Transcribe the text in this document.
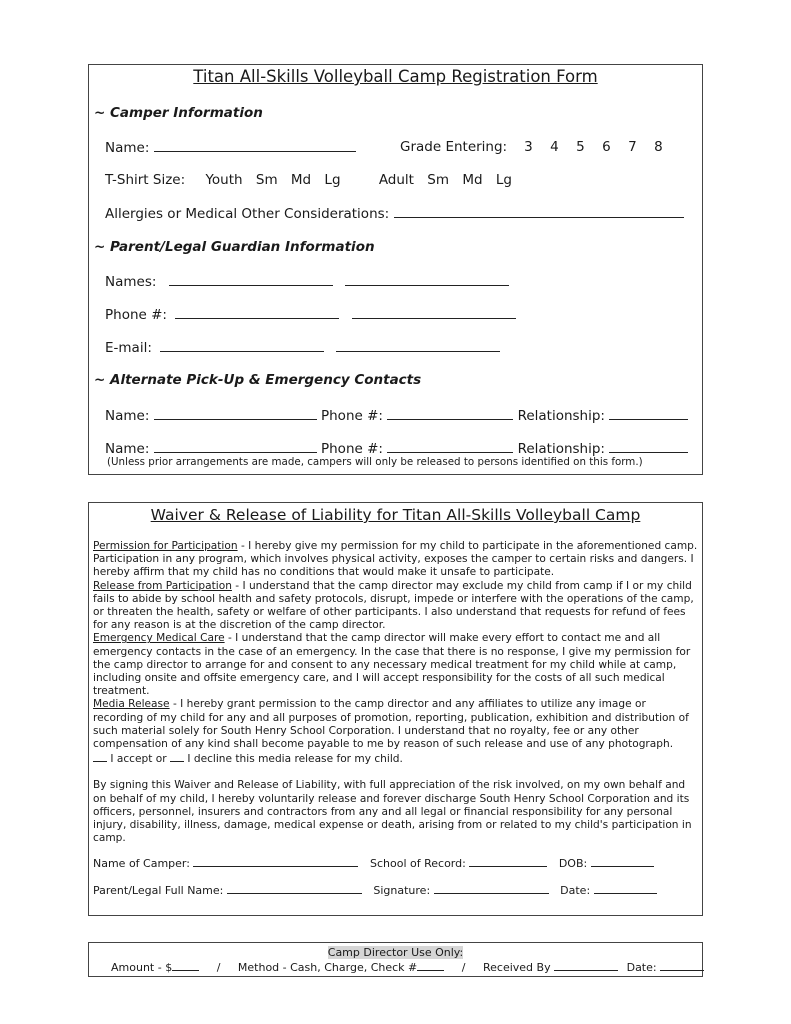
Titan All-Skills Volleyball Camp Registration Form
~ Camper Information
Name:	Grade Entering: 3 4 5 6 7 8
T-Shirt Size: Youth Sm Md Lg	Adult Sm Md Lg
Allergies or Medical Other Considerations:
~ Parent/Legal Guardian Information
Names:
Phone #:
E-mail:
~ Alternate Pick-Up & Emergency Contacts
Name:	Phone #:	Relationship:
Name:	Phone #:	Relationship:
(Unless prior arrangements are made, campers will only be released to persons identified on this form.)
Waiver & Release of Liability for Titan All-Skills Volleyball Camp

Permission for Participation - I hereby give my permission for my child to participate in the aforementioned camp. Participation in any program, which involves physical activity, exposes the camper to certain risks and dangers. I hereby affirm that my child has no conditions that would make it unsafe to participate.

Release from Participation - I understand that the camp director may exclude my child from camp if I or my child fails to abide by school health and safety protocols, disrupt, impede or interfere with the operations of the camp, or threaten the health, safety or welfare of other participants. I also understand that requests for refund of fees for any reason is at the discretion of the camp director.

Emergency Medical Care - I understand that the camp director will make every effort to contact me and all emergency contacts in the case of an emergency. In the case that there is no response, I give my permission for the camp director to arrange for and consent to any necessary medical treatment for my child while at camp, including onsite and offsite emergency care, and I will accept responsibility for the costs of all such medical treatment.

Media Release - I hereby grant permission to the camp director and any affiliates to utilize any image or recording of my child for any and all purposes of promotion, reporting, publication, exhibition and distribution of such material solely for South Henry School Corporation. I understand that no royalty, fee or any other compensation of any kind shall become payable to me by reason of such release and use of any photograph.

I accept or I decline this media release for my child.

By signing this Waiver and Release of Liability, with full appreciation of the risk involved, on my own behalf and on behalf of my child, I hereby voluntarily release and forever discharge South Henry School Corporation and its officers, personnel, insurers and contractors from any and all legal or financial responsibility for any personal injury, disability, illness, damage, medical expense or death, arising from or related to my child's participation in camp.

Name of Camper:	School of Record:	DOB:
Parent/Legal Full Name:	Signature:	Date:
Camp Director Use Only:
Amount - $	/ Method - Cash, Charge, Check #	/ Received By	Date:
